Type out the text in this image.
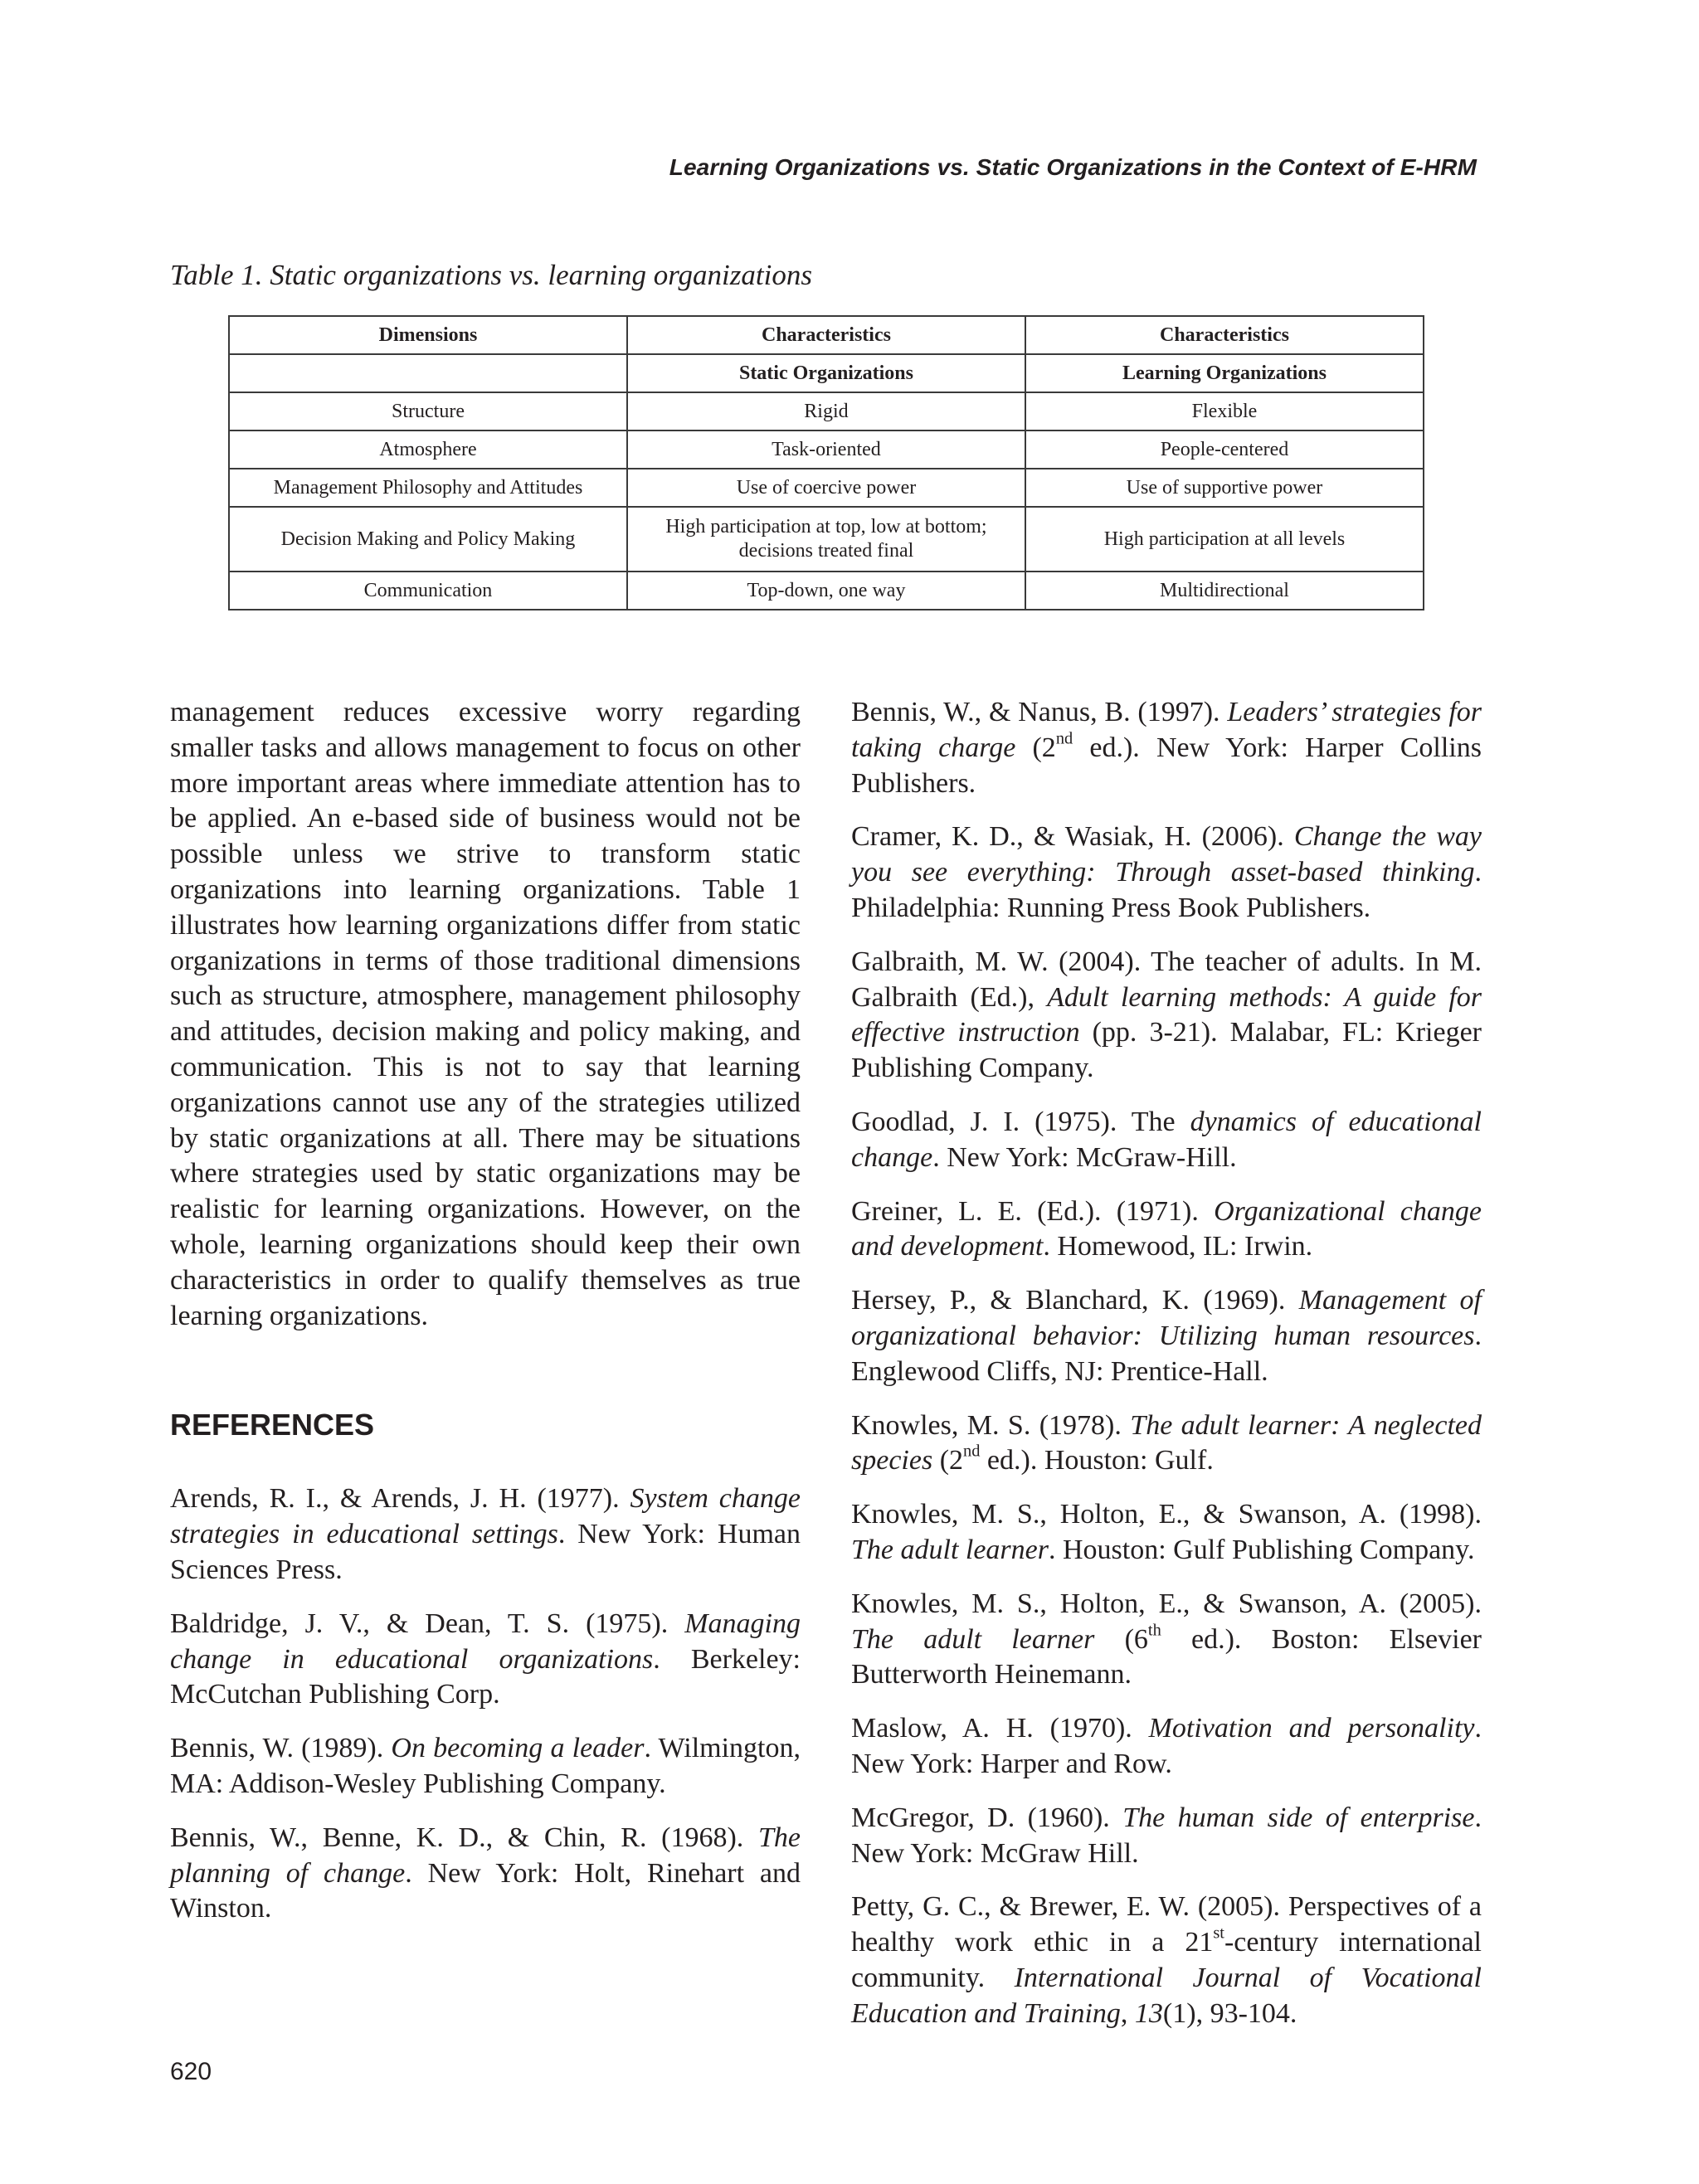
Learning Organizations vs. Static Organizations in the Context of E-HRM
Table 1. Static organizations vs. learning organizations
Dimensions	Characteristics	Characteristics
	Static Organizations	Learning Organizations
Structure	Rigid	Flexible
Atmosphere	Task-oriented	People-centered
Management Philosophy and Attitudes	Use of coercive power	Use of supportive power
Decision Making and Policy Making	High participation at top, low at bottom; decisions treated final	High participation at all levels
Communication	Top-down, one way	Multidirectional

management reduces excessive worry regarding smaller tasks and allows management to focus on other more important areas where immediate attention has to be applied. An e-based side of business would not be possible unless we strive to transform static organizations into learning organizations. Table 1 illustrates how learning organizations differ from static organizations in terms of those traditional dimensions such as structure, atmosphere, management philosophy and attitudes, decision making and policy making, and communication. This is not to say that learning organizations cannot use any of the strategies utilized by static organizations at all. There may be situations where strategies used by static organizations may be realistic for learning organizations. However, on the whole, learning organizations should keep their own characteristics in order to qualify themselves as true learning organizations.

REFERENCES

Arends, R. I., & Arends, J. H. (1977). System change strategies in educational settings. New York: Human Sciences Press.

Baldridge, J. V., & Dean, T. S. (1975). Managing change in educational organizations. Berkeley: McCutchan Publishing Corp.

Bennis, W. (1989). On becoming a leader. Wilmington, MA: Addison-Wesley Publishing Company.

Bennis, W., Benne, K. D., & Chin, R. (1968). The planning of change. New York: Holt, Rinehart and Winston.

Bennis, W., & Nanus, B. (1997). Leaders’ strategies for taking charge (2nd ed.). New York: Harper Collins Publishers.

Cramer, K. D., & Wasiak, H. (2006). Change the way you see everything: Through asset-based thinking. Philadelphia: Running Press Book Publishers.

Galbraith, M. W. (2004). The teacher of adults. In M. Galbraith (Ed.), Adult learning methods: A guide for effective instruction (pp. 3-21). Malabar, FL: Krieger Publishing Company.

Goodlad, J. I. (1975). The dynamics of educational change. New York: McGraw-Hill.

Greiner, L. E. (Ed.). (1971). Organizational change and development. Homewood, IL: Irwin.

Hersey, P., & Blanchard, K. (1969). Management of organizational behavior: Utilizing human resources. Englewood Cliffs, NJ: Prentice-Hall.

Knowles, M. S. (1978). The adult learner: A neglected species (2nd ed.). Houston: Gulf.

Knowles, M. S., Holton, E., & Swanson, A. (1998). The adult learner. Houston: Gulf Publishing Company.

Knowles, M. S., Holton, E., & Swanson, A. (2005). The adult learner (6th ed.). Boston: Elsevier Butterworth Heinemann.

Maslow, A. H. (1970). Motivation and personality. New York: Harper and Row.

McGregor, D. (1960). The human side of enterprise. New York: McGraw Hill.

Petty, G. C., & Brewer, E. W. (2005). Perspectives of a healthy work ethic in a 21st-century international community. International Journal of Vocational Education and Training, 13(1), 93-104.

620
